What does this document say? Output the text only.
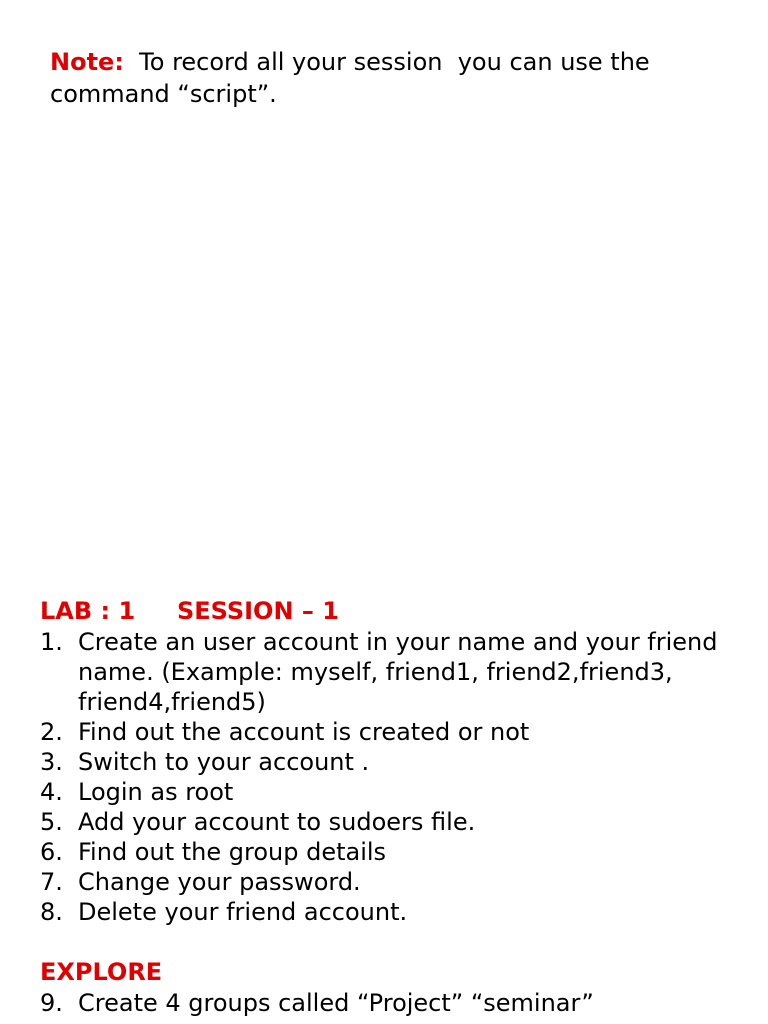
Note:  To record all your session  you can use the command “script”.
LAB : 1     SESSION – 1
1. Create an user account in your name and your friend name. (Example: myself, friend1, friend2,friend3, friend4,friend5)
2. Find out the account is created or not
3. Switch to your account .
4. Login as root
5. Add your account to sudoers file.
6. Find out the group details
7. Change your password.
8. Delete your friend account.
EXPLORE
9. Create 4 groups called “Project” “seminar”
